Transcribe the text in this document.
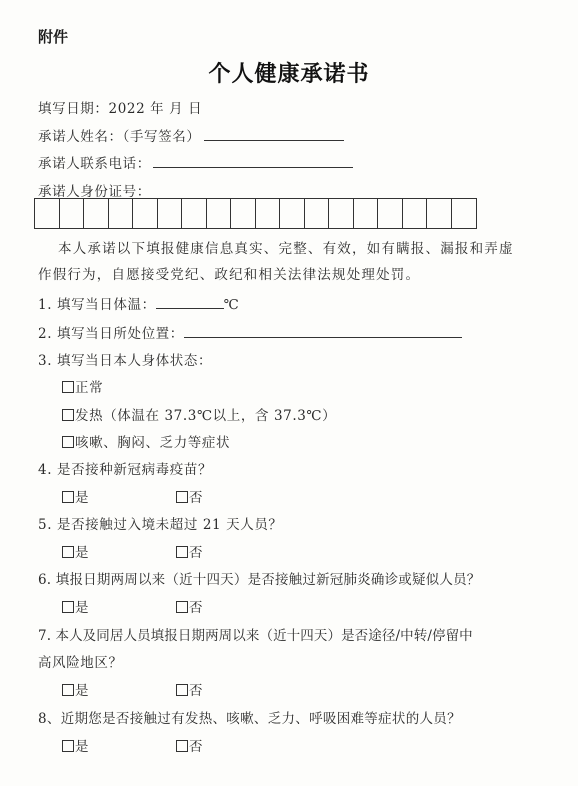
附件
个人健康承诺书
填写日期：2022 年 月 日
承诺人姓名：（手写签名）
承诺人联系电话：
承诺人身份证号：
本人承诺以下填报健康信息真实、完整、有效，如有瞒报、漏报和弄虚
作假行为，自愿接受党纪、政纪和相关法律法规处理处罚。
1. 填写当日体温：	℃
2. 填写当日所处位置：
3. 填写当日本人身体状态：
正常
发热（体温在 37.3℃以上，含 37.3℃）
咳嗽、胸闷、乏力等症状
4. 是否接种新冠病毒疫苗？
是	否
5. 是否接触过入境未超过 21 天人员？
是	否
6. 填报日期两周以来（近十四天）是否接触过新冠肺炎确诊或疑似人员？
是	否
7. 本人及同居人员填报日期两周以来（近十四天）是否途径/中转/停留中
高风险地区？
是	否
8、近期您是否接触过有发热、咳嗽、乏力、呼吸困难等症状的人员？
是	否
